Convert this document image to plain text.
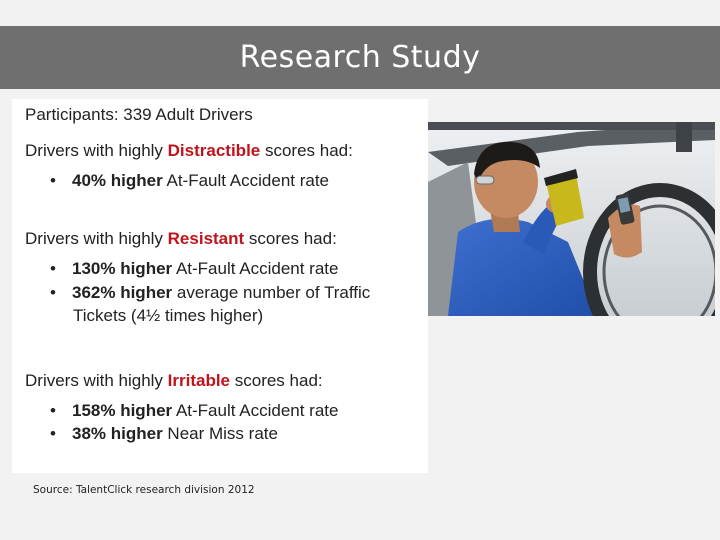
Research Study
Participants: 339 Adult Drivers
Drivers with highly Distractible scores had:
• 40% higher At-Fault Accident rate
Drivers with highly Resistant scores had:
• 130% higher At-Fault Accident rate
• 362% higher average number of Traffic
Tickets (4½ times higher)
Drivers with highly Irritable scores had:
• 158% higher At-Fault Accident rate
• 38% higher Near Miss rate
Source: TalentClick research division 2012
